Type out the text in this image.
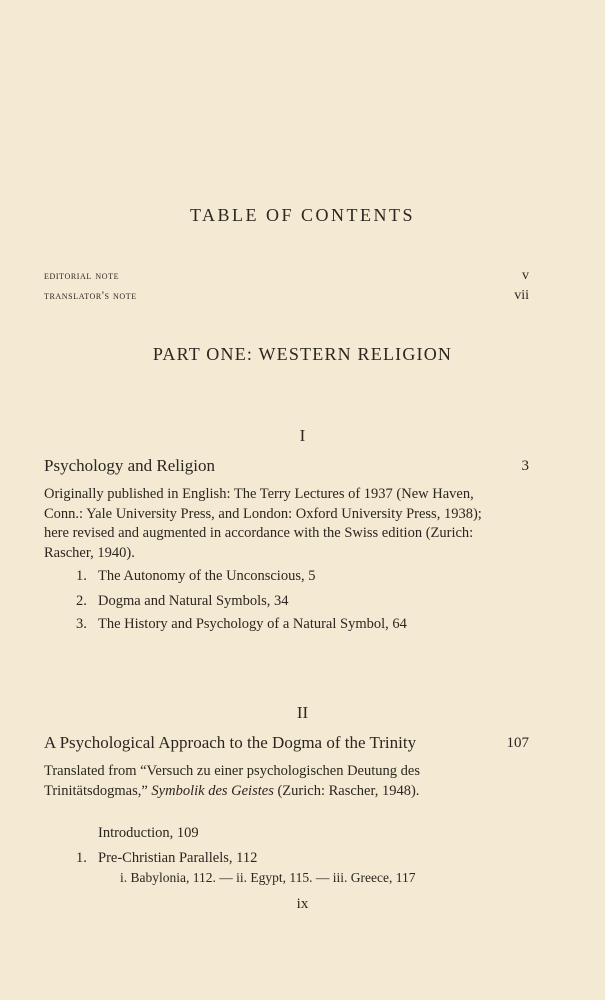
TABLE OF CONTENTS
editorial note	v
translator's note	vii
PART ONE: WESTERN RELIGION
I
Psychology and Religion	3
Originally published in English: The Terry Lectures of 1937 (New Haven, Conn.: Yale University Press, and London: Oxford University Press, 1938); here revised and augmented in accordance with the Swiss edition (Zurich: Rascher, 1940).
1. The Autonomy of the Unconscious, 5
2. Dogma and Natural Symbols, 34
3. The History and Psychology of a Natural Symbol, 64
II
A Psychological Approach to the Dogma of the Trinity	107
Translated from “Versuch zu einer psychologischen Deutung des Trinitätsdogmas,” Symbolik des Geistes (Zurich: Rascher, 1948).
Introduction, 109
1. Pre-Christian Parallels, 112
i. Babylonia, 112. — ii. Egypt, 115. — iii. Greece, 117
ix
